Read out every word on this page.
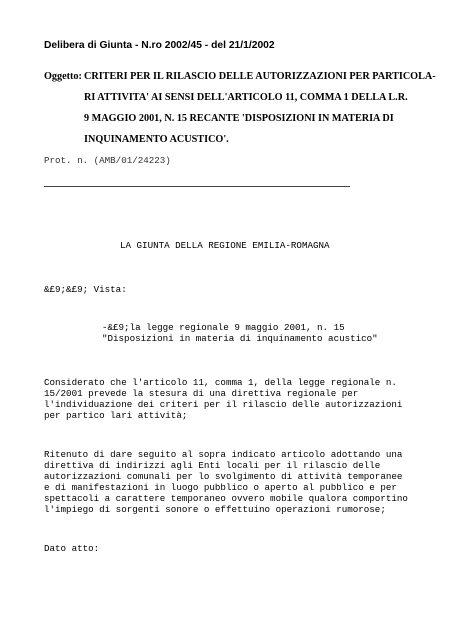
Delibera di Giunta - N.ro 2002/45 - del 21/1/2002
Oggetto: CRITERI PER IL RILASCIO DELLE AUTORIZZAZIONI PER PARTICOLA-
RI ATTIVITA' AI SENSI DELL'ARTICOLO 11, COMMA 1 DELLA L.R.
9 MAGGIO 2001, N. 15 RECANTE 'DISPOSIZIONI IN MATERIA DI
INQUINAMENTO ACUSTICO'.
Prot. n. (AMB/01/24223)
LA GIUNTA DELLA REGIONE EMILIA-ROMAGNA
&£9;&£9; Vista:
-&£9;la legge regionale 9 maggio 2001, n. 15
"Disposizioni in materia di inquinamento acustico"
Considerato che l'articolo 11, comma 1, della legge regionale n.
15/2001 prevede la stesura di una direttiva regionale per
l'individuazione dei criteri per il rilascio delle autorizzazioni
per partico lari attività;
Ritenuto di dare seguito al sopra indicato articolo adottando una
direttiva di indirizzi agli Enti locali per il rilascio delle
autorizzazioni comunali per lo svolgimento di attività temporanee
e di manifestazioni in luogo pubblico o aperto al pubblico e per
spettacoli a carattere temporaneo ovvero mobile qualora comportino
l'impiego di sorgenti sonore o effettuino operazioni rumorose;
Dato atto:
